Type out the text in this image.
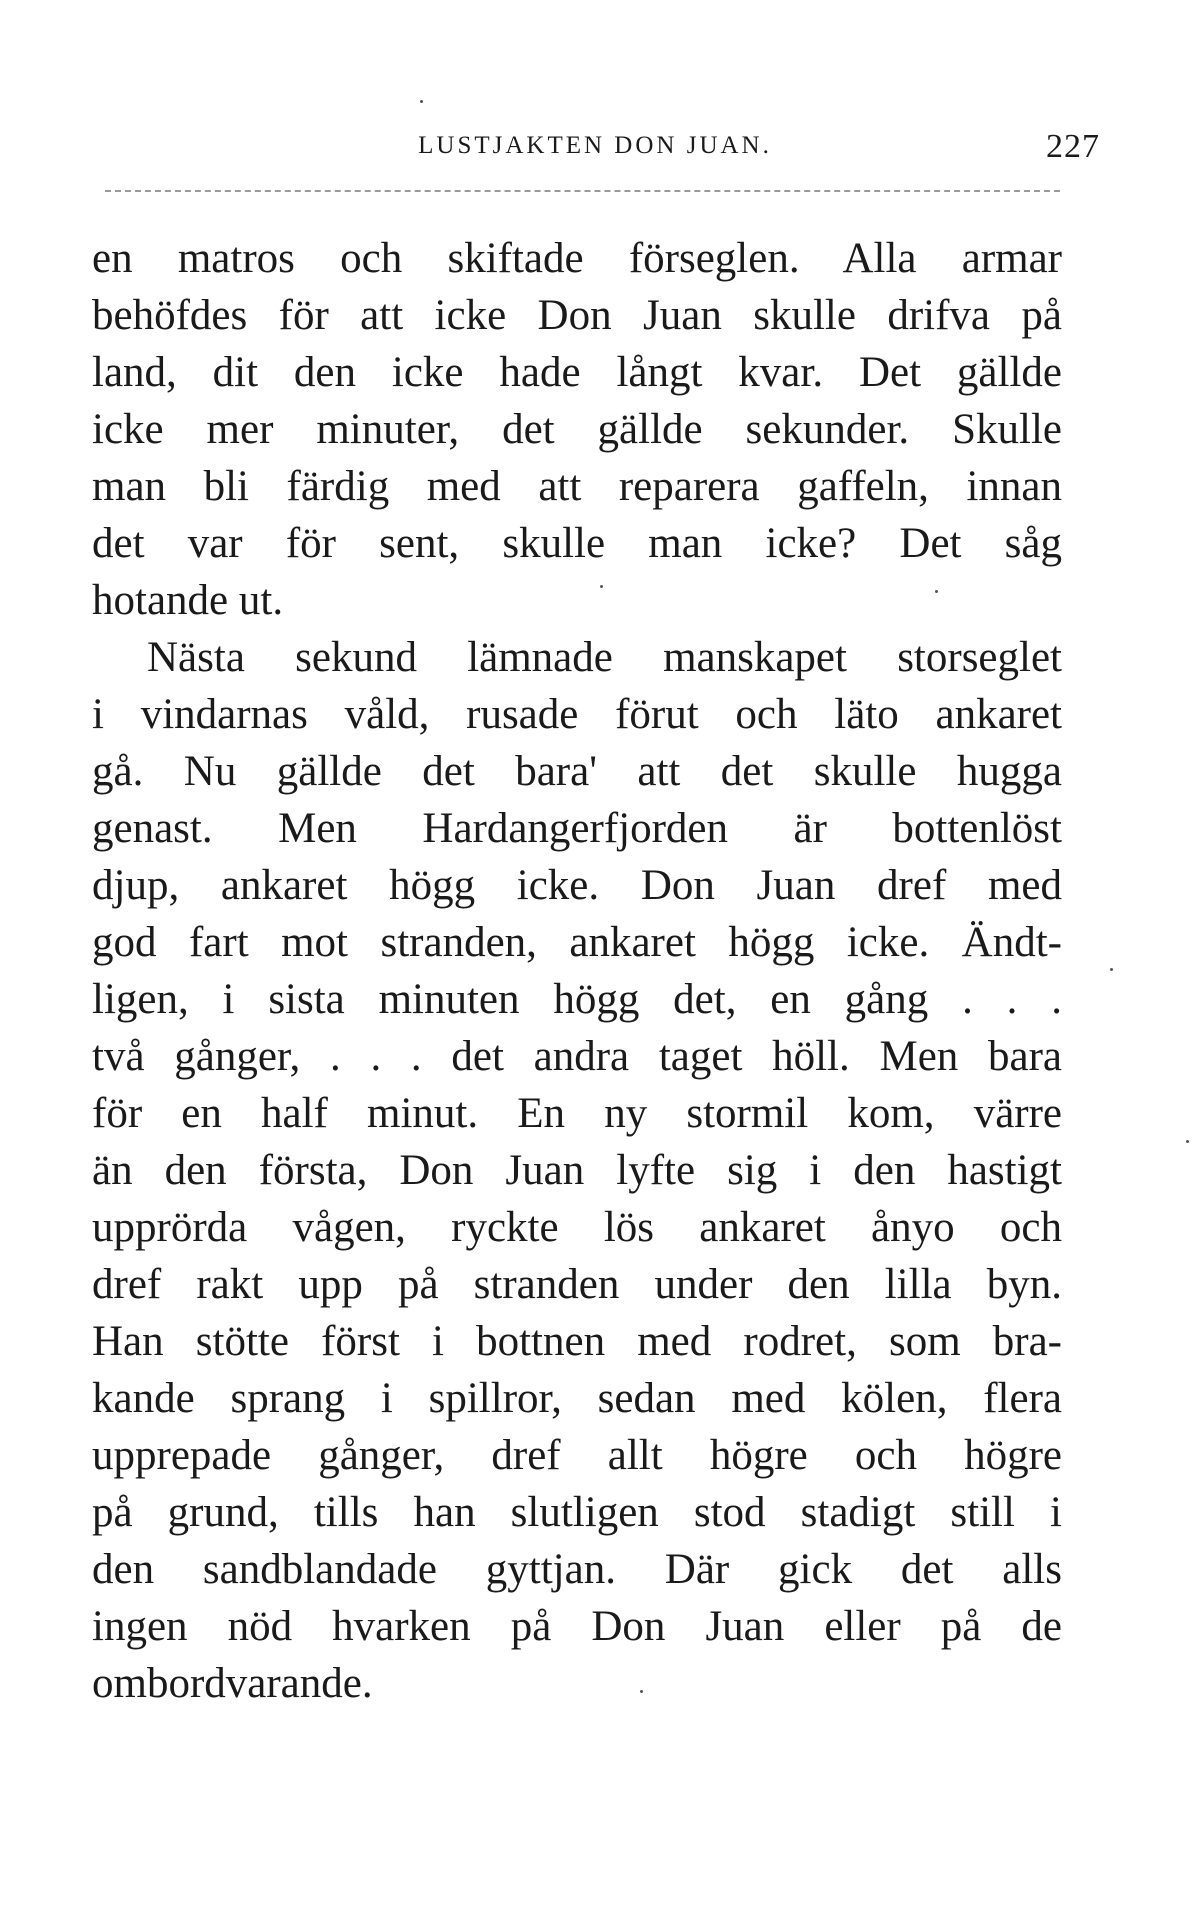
LUSTJAKTEN DON JUAN.	227
en matros och skiftade förseglen. Alla armar
behöfdes för att icke Don Juan skulle drifva på
land, dit den icke hade långt kvar. Det gällde
icke mer minuter, det gällde sekunder. Skulle
man bli färdig med att reparera gaffeln, innan
det var för sent, skulle man icke? Det såg
hotande ut.
Nästa sekund lämnade manskapet storseglet
i vindarnas våld, rusade förut och läto ankaret
gå. Nu gällde det bara' att det skulle hugga
genast. Men Hardangerfjorden är bottenlöst
djup, ankaret högg icke. Don Juan dref med
god fart mot stranden, ankaret högg icke. Ändt-
ligen, i sista minuten högg det, en gång . . .
två gånger, . . . det andra taget höll. Men bara
för en half minut. En ny stormil kom, värre
än den första, Don Juan lyfte sig i den hastigt
upprörda vågen, ryckte lös ankaret ånyo och
dref rakt upp på stranden under den lilla byn.
Han stötte först i bottnen med rodret, som bra-
kande sprang i spillror, sedan med kölen, flera
upprepade gånger, dref allt högre och högre
på grund, tills han slutligen stod stadigt still i
den sandblandade gyttjan. Där gick det alls
ingen nöd hvarken på Don Juan eller på de
ombordvarande.
